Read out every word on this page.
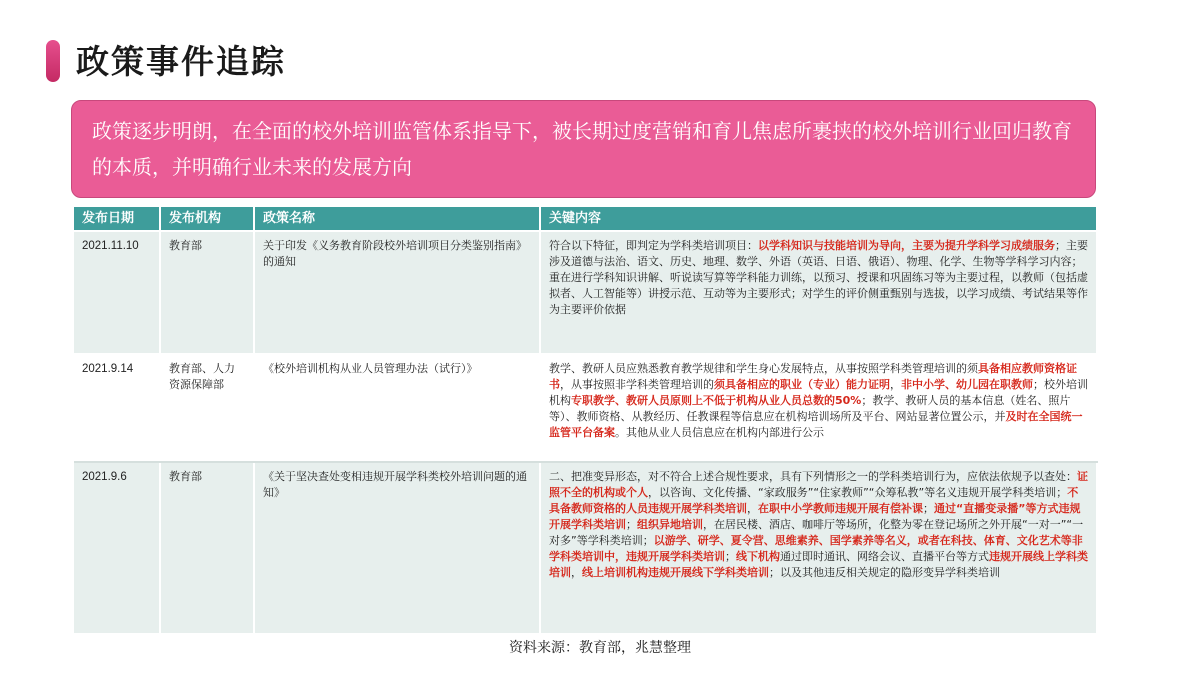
政策事件追踪
政策逐步明朗，在全面的校外培训监管体系指导下，被长期过度营销和育儿焦虑所裹挟的校外培训行业回归教育的本质，并明确行业未来的发展方向
发布日期	发布机构	政策名称	关键内容
2021.11.10	教育部	关于印发《义务教育阶段校外培训项目分类鉴别指南》的通知	符合以下特征，即判定为学科类培训项目：以学科知识与技能培训为导向，主要为提升学科学习成绩服务；主要涉及道德与法治、语文、历史、地理、数学、外语（英语、日语、俄语）、物理、化学、生物等学科学习内容；重在进行学科知识讲解、听说读写算等学科能力训练，以预习、授课和巩固练习等为主要过程，以教师（包括虚拟者、人工智能等）讲授示范、互动等为主要形式；对学生的评价侧重甄别与选拔，以学习成绩、考试结果等作为主要评价依据
2021.9.14	教育部、人力资源保障部	《校外培训机构从业人员管理办法（试行）》	教学、教研人员应熟悉教育教学规律和学生身心发展特点，从事按照学科类管理培训的须具备相应教师资格证书，从事按照非学科类管理培训的须具备相应的职业（专业）能力证明，非中小学、幼儿园在职教师；校外培训机构专职教学、教研人员原则上不低于机构从业人员总数的50%；教学、教研人员的基本信息（姓名、照片等）、教师资格、从教经历、任教课程等信息应在机构培训场所及平台、网站显著位置公示，并及时在全国统一监管平台备案。其他从业人员信息应在机构内部进行公示
2021.9.6	教育部	《关于坚决查处变相违规开展学科类校外培训问题的通知》	二、把准变异形态，对不符合上述合规性要求，具有下列情形之一的学科类培训行为，应依法依规予以查处：证照不全的机构或个人，以咨询、文化传播、“家政服务”“住家教师”“众筹私教”等名义违规开展学科类培训；不具备教师资格的人员违规开展学科类培训，在职中小学教师违规开展有偿补课；通过“直播变录播”等方式违规开展学科类培训；组织异地培训，在居民楼、酒店、咖啡厅等场所，化整为零在登记场所之外开展“一对一”“一对多”等学科类培训；以游学、研学、夏令营、思维素养、国学素养等名义，或者在科技、体育、文化艺术等非学科类培训中，违规开展学科类培训；线下机构通过即时通讯、网络会议、直播平台等方式违规开展线上学科类培训，线上培训机构违规开展线下学科类培训；以及其他违反相关规定的隐形变异学科类培训
资料来源：教育部，兆慧整理
